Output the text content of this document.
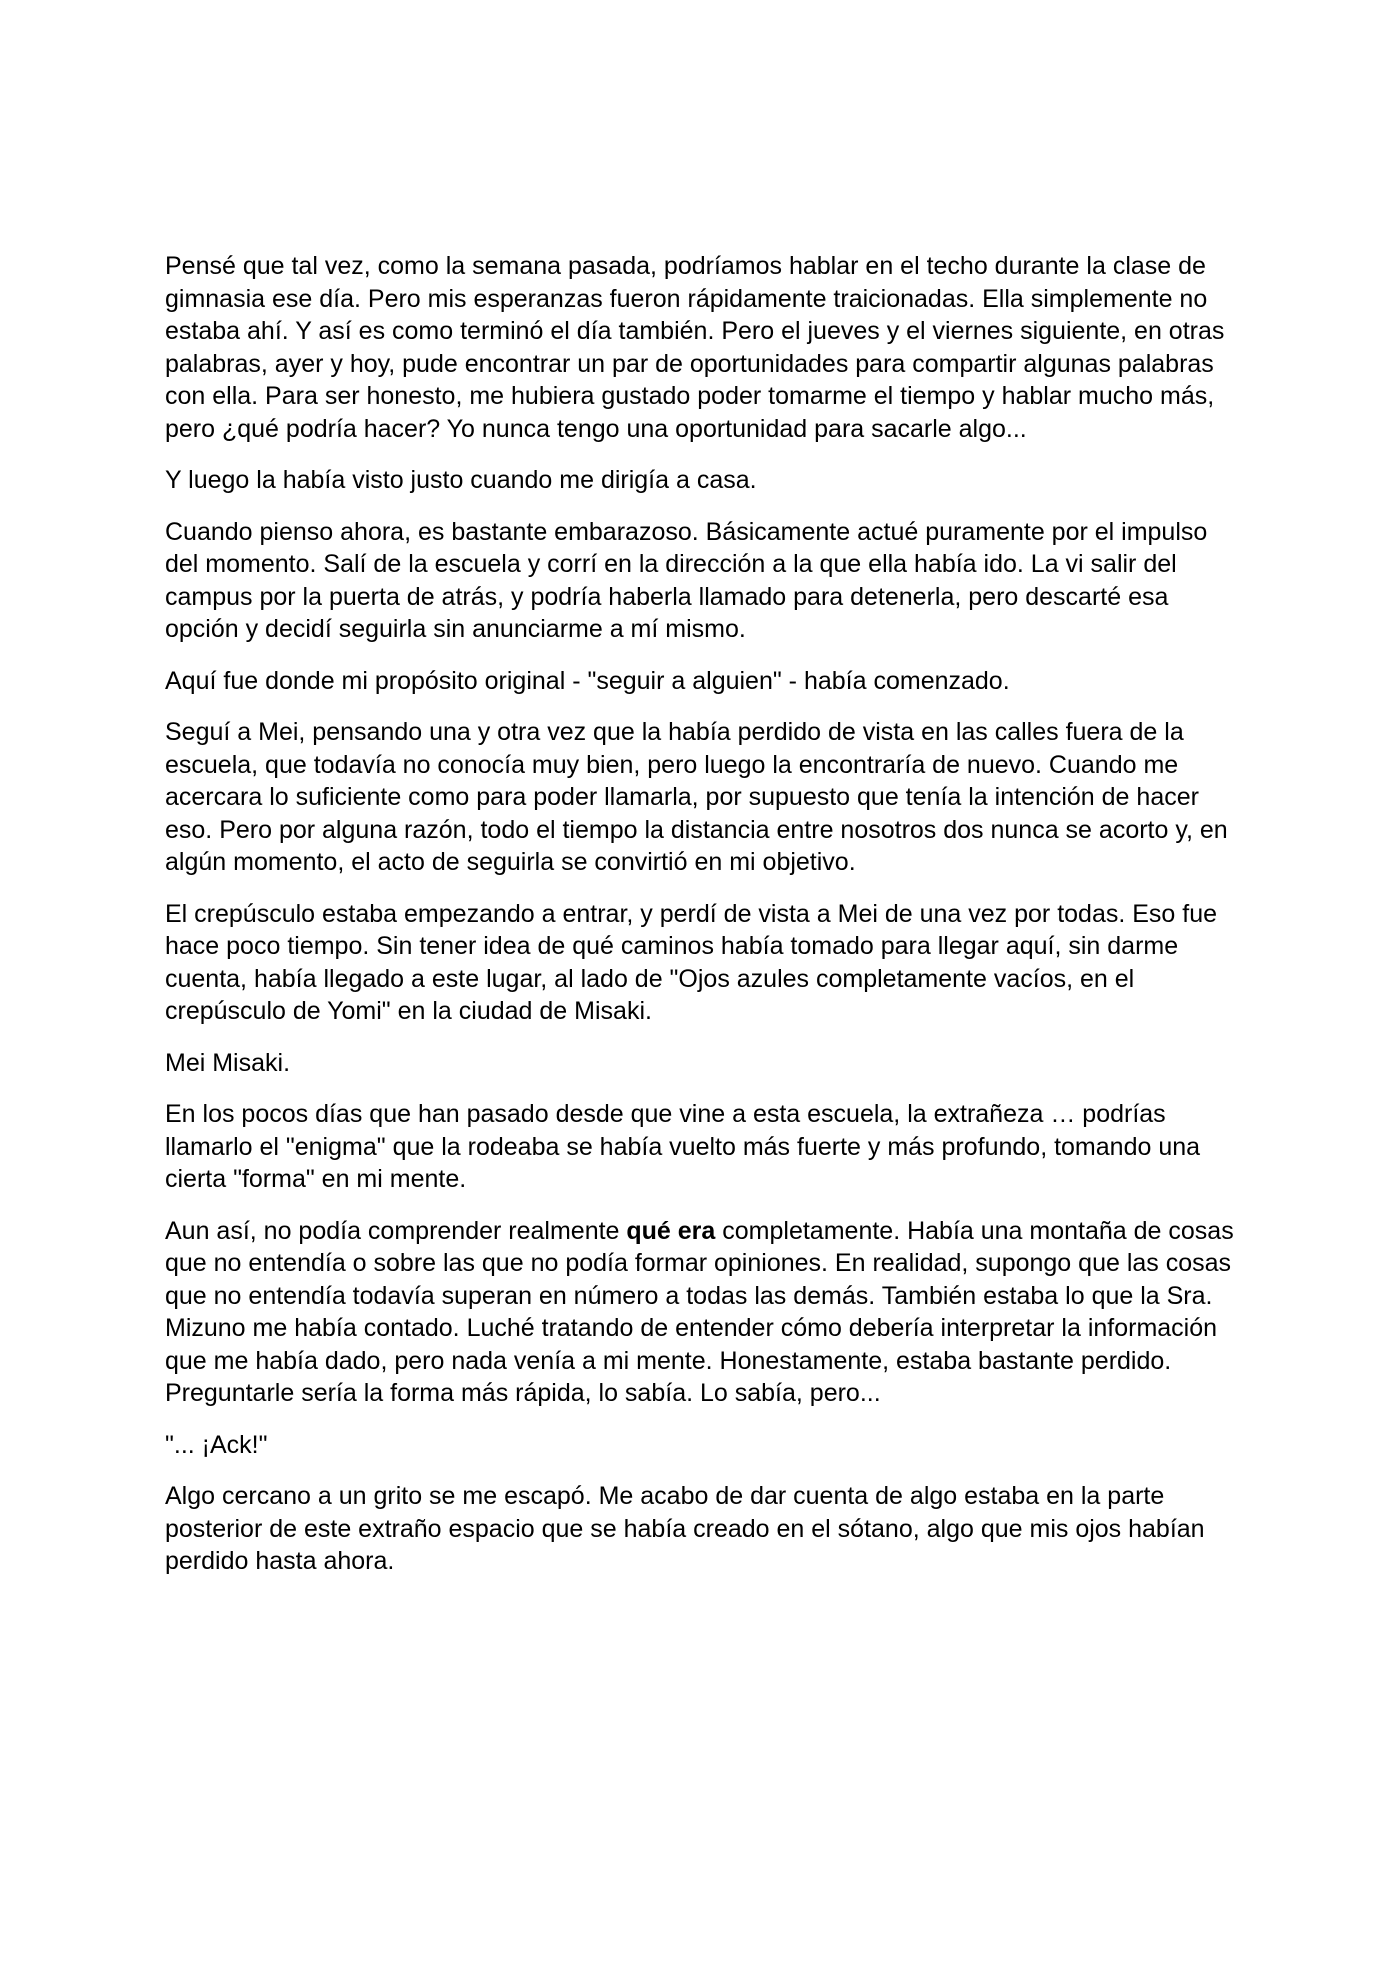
Pensé que tal vez, como la semana pasada, podríamos hablar en el techo durante la clase de gimnasia ese día. Pero mis esperanzas fueron rápidamente traicionadas. Ella simplemente no estaba ahí. Y así es como terminó el día también. Pero el jueves y el viernes siguiente, en otras palabras, ayer y hoy, pude encontrar un par de oportunidades para compartir algunas palabras con ella. Para ser honesto, me hubiera gustado poder tomarme el tiempo y hablar mucho más, pero ¿qué podría hacer? Yo nunca tengo una oportunidad para sacarle algo...

Y luego la había visto justo cuando me dirigía a casa.

Cuando pienso ahora, es bastante embarazoso. Básicamente actué puramente por el impulso del momento. Salí de la escuela y corrí en la dirección a la que ella había ido. La vi salir del campus por la puerta de atrás, y podría haberla llamado para detenerla, pero descarté esa opción y decidí seguirla sin anunciarme a mí mismo.

Aquí fue donde mi propósito original - "seguir a alguien" - había comenzado.

Seguí a Mei, pensando una y otra vez que la había perdido de vista en las calles fuera de la escuela, que todavía no conocía muy bien, pero luego la encontraría de nuevo. Cuando me acercara lo suficiente como para poder llamarla, por supuesto que tenía la intención de hacer eso. Pero por alguna razón, todo el tiempo la distancia entre nosotros dos nunca se acorto y, en algún momento, el acto de seguirla se convirtió en mi objetivo.

El crepúsculo estaba empezando a entrar, y perdí de vista a Mei de una vez por todas. Eso fue hace poco tiempo. Sin tener idea de qué caminos había tomado para llegar aquí, sin darme cuenta, había llegado a este lugar, al lado de "Ojos azules completamente vacíos, en el crepúsculo de Yomi" en la ciudad de Misaki.

Mei Misaki.

En los pocos días que han pasado desde que vine a esta escuela, la extrañeza … podrías llamarlo el "enigma" que la rodeaba se había vuelto más fuerte y más profundo, tomando una cierta "forma" en mi mente.

Aun así, no podía comprender realmente qué era completamente. Había una montaña de cosas que no entendía o sobre las que no podía formar opiniones. En realidad, supongo que las cosas que no entendía todavía superan en número a todas las demás. También estaba lo que la Sra. Mizuno me había contado. Luché tratando de entender cómo debería interpretar la información que me había dado, pero nada venía a mi mente. Honestamente, estaba bastante perdido. Preguntarle sería la forma más rápida, lo sabía. Lo sabía, pero...

"... ¡Ack!"

Algo cercano a un grito se me escapó. Me acabo de dar cuenta de algo estaba en la parte posterior de este extraño espacio que se había creado en el sótano, algo que mis ojos habían perdido hasta ahora.
